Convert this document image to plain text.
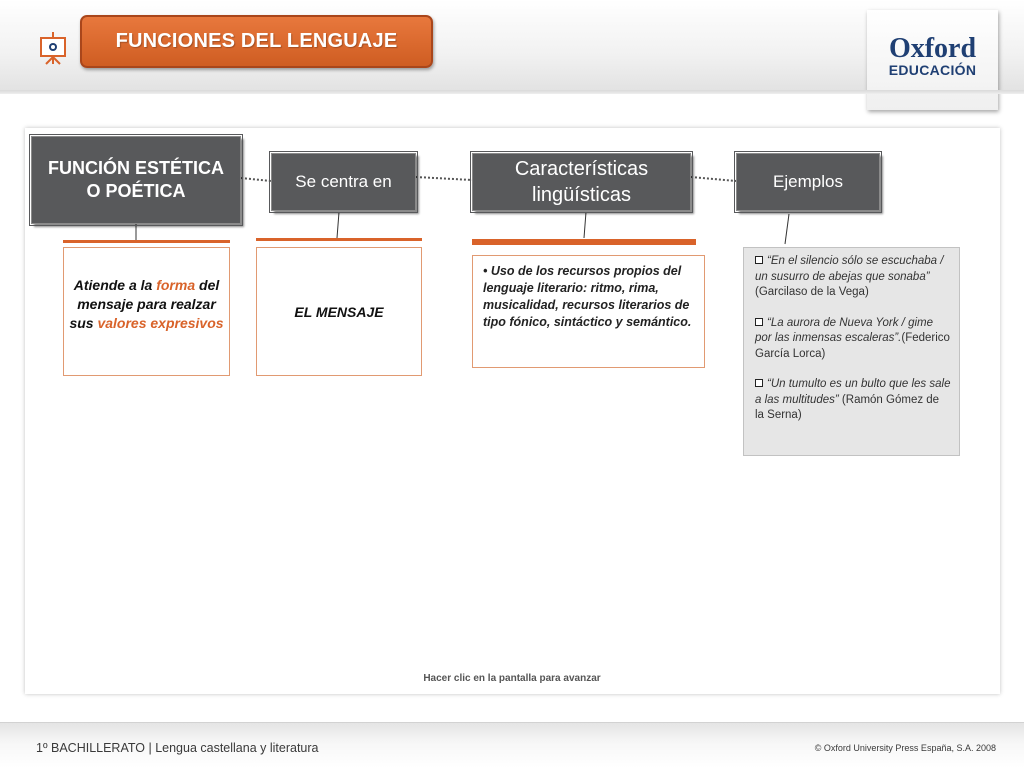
FUNCIONES DEL LENGUAJE	Oxford
EDUCACIÓN
FUNCIÓN ESTÉTICA O POÉTICA	Se centra en
Características lingüísticas
Ejemplos
Atiende a la forma del mensaje para realzar sus valores expresivos
EL MENSAJE
• Uso de los recursos propios del lenguaje literario: ritmo, rima, musicalidad, recursos literarios de tipo fónico, sintáctico y semántico.
“En el silencio sólo se escuchaba / un susurro de abejas que sonaba” (Garcilaso de la Vega)
“La aurora de Nueva York / gime por las inmensas escaleras”.(Federico García Lorca)
“Un tumulto es un bulto que les sale a las multitudes” (Ramón Gómez de la Serna)
Hacer clic en la pantalla para avanzar
1º BACHILLERATO | Lengua castellana y literatura	© Oxford University Press España, S.A. 2008
